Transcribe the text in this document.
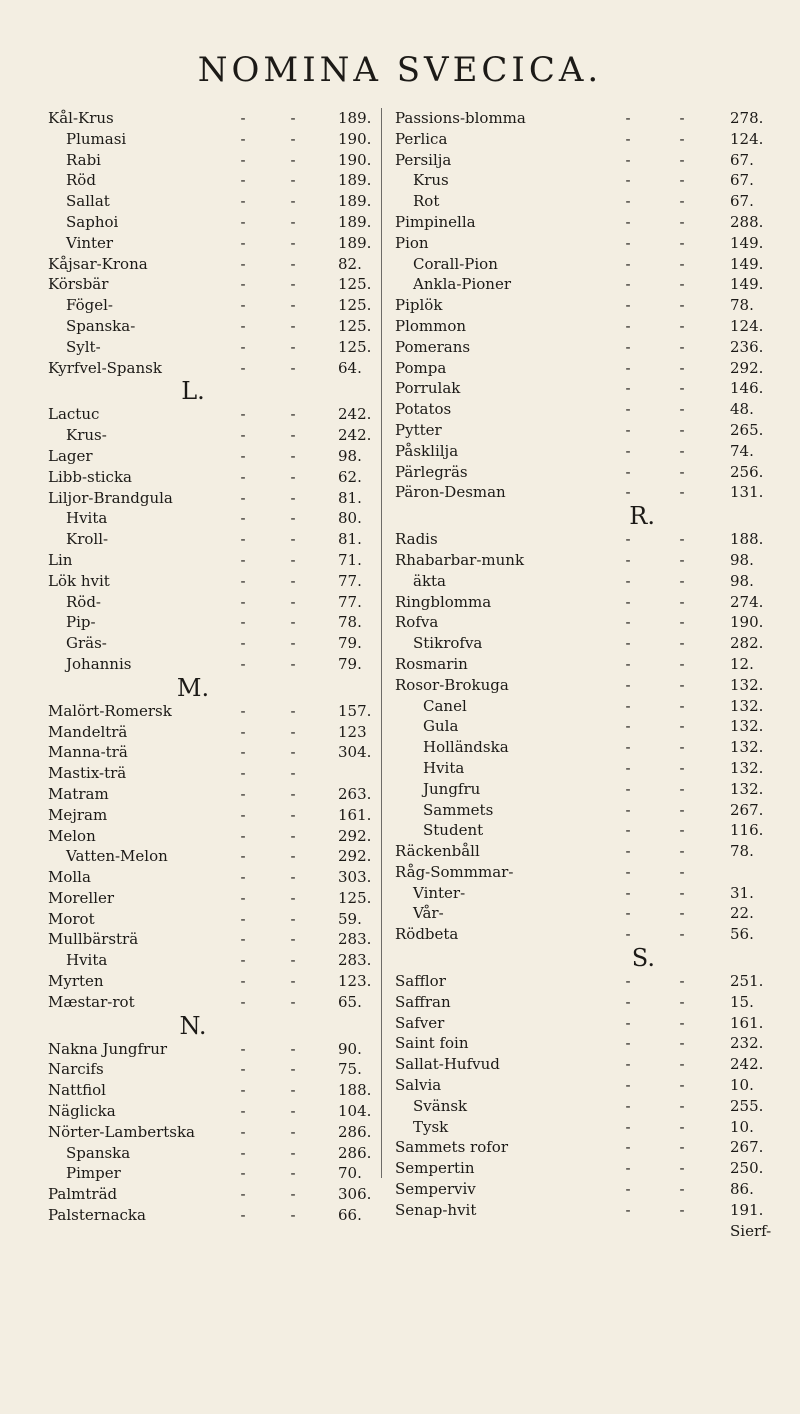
NOMINA SVECICA.
Kål-Krus	-	-	189.
Plumasi	-	-	190.
Rabi	-	-	190.
Röd	-	-	189.
Sallat	-	-	189.
Saphoi	-	-	189.
Vinter	-	-	189.
Kåjsar-Krona	-	-	82.
Körsbär	-	-	125.
Fögel-	-	-	125.
Spanska-	-	-	125.
Sylt-	-	-	125.
Kyrfvel-Spansk	-	-	64.
L.
Lactuc	-	-	242.
Krus-	-	-	242.
Lager	-	-	98.
Libb-sticka	-	-	62.
Liljor-Brandgula	-	-	81.
Hvita	-	-	80.
Kroll-	-	-	81.
Lin	-	-	71.
Lök hvit	-	-	77.
Röd-	-	-	77.
Pip-	-	-	78.
Gräs-	-	-	79.
Johannis	-	-	79.
M.
Malört-Romersk	-	-	157.
Mandelträ	-	-	123
Manna-trä	-	-	304.
Mastix-trä	-	-
Matram	-	-	263.
Mejram	-	-	161.
Melon	-	-	292.
Vatten-Melon	-	-	292.
Molla	-	-	303.
Moreller	-	-	125.
Morot	-	-	59.
Mullbärsträ	-	-	283.
Hvita	-	-	283.
Myrten	-	-	123.
Mæstar-rot	-	-	65.
N.
Nakna Jungfrur	-	-	90.
Narcifs	-	-	75.
Nattfiol	-	-	188.
Näglicka	-	-	104.
Nörter-Lambertska	-	-	286.
Spanska	-	-	286.
Pimper	-	-	70.
Palmträd	-	-	306.
Palsternacka	-	-	66.
Passions-blomma	-	-	278.
Perlica	-	-	124.
Persilja	-	-	67.
Krus	-	-	67.
Rot	-	-	67.
Pimpinella	-	-	288.
Pion	-	-	149.
Corall-Pion	-	-	149.
Ankla-Pioner	-	-	149.
Piplök	-	-	78.
Plommon	-	-	124.
Pomerans	-	-	236.
Pompa	-	-	292.
Porrulak	-	-	146.
Potatos	-	-	48.
Pytter	-	-	265.
Påsklilja	-	-	74.
Pärlegräs	-	-	256.
Päron-Desman	-	-	131.
R.
Radis	-	-	188.
Rhabarbar-munk	-	-	98.
äkta	-	-	98.
Ringblomma	-	-	274.
Rofva	-	-	190.
Stikrofva	-	-	282.
Rosmarin	-	-	12.
Rosor-Brokuga	-	-	132.
Canel	-	-	132.
Gula	-	-	132.
Holländska	-	-	132.
Hvita	-	-	132.
Jungfru	-	-	132.
Sammets	-	-	267.
Student	-	-	116.
Räckenbåll	-	-	78.
Råg-Sommmar-	-	-
Vinter-	-	-	31.
Vår-	-	-	22.
Rödbeta	-	-	56.
S.
Safflor	-	-	251.
Saffran	-	-	15.
Safver	-	-	161.
Saint foin	-	-	232.
Sallat-Hufvud	-	-	242.
Salvia	-	-	10.
Svänsk	-	-	255.
Tysk	-	-	10.
Sammets rofor	-	-	267.
Sempertin	-	-	250.
Sempervi̇v	-	-	86.
Senap-hvit	-	-	191.
Sierf-
